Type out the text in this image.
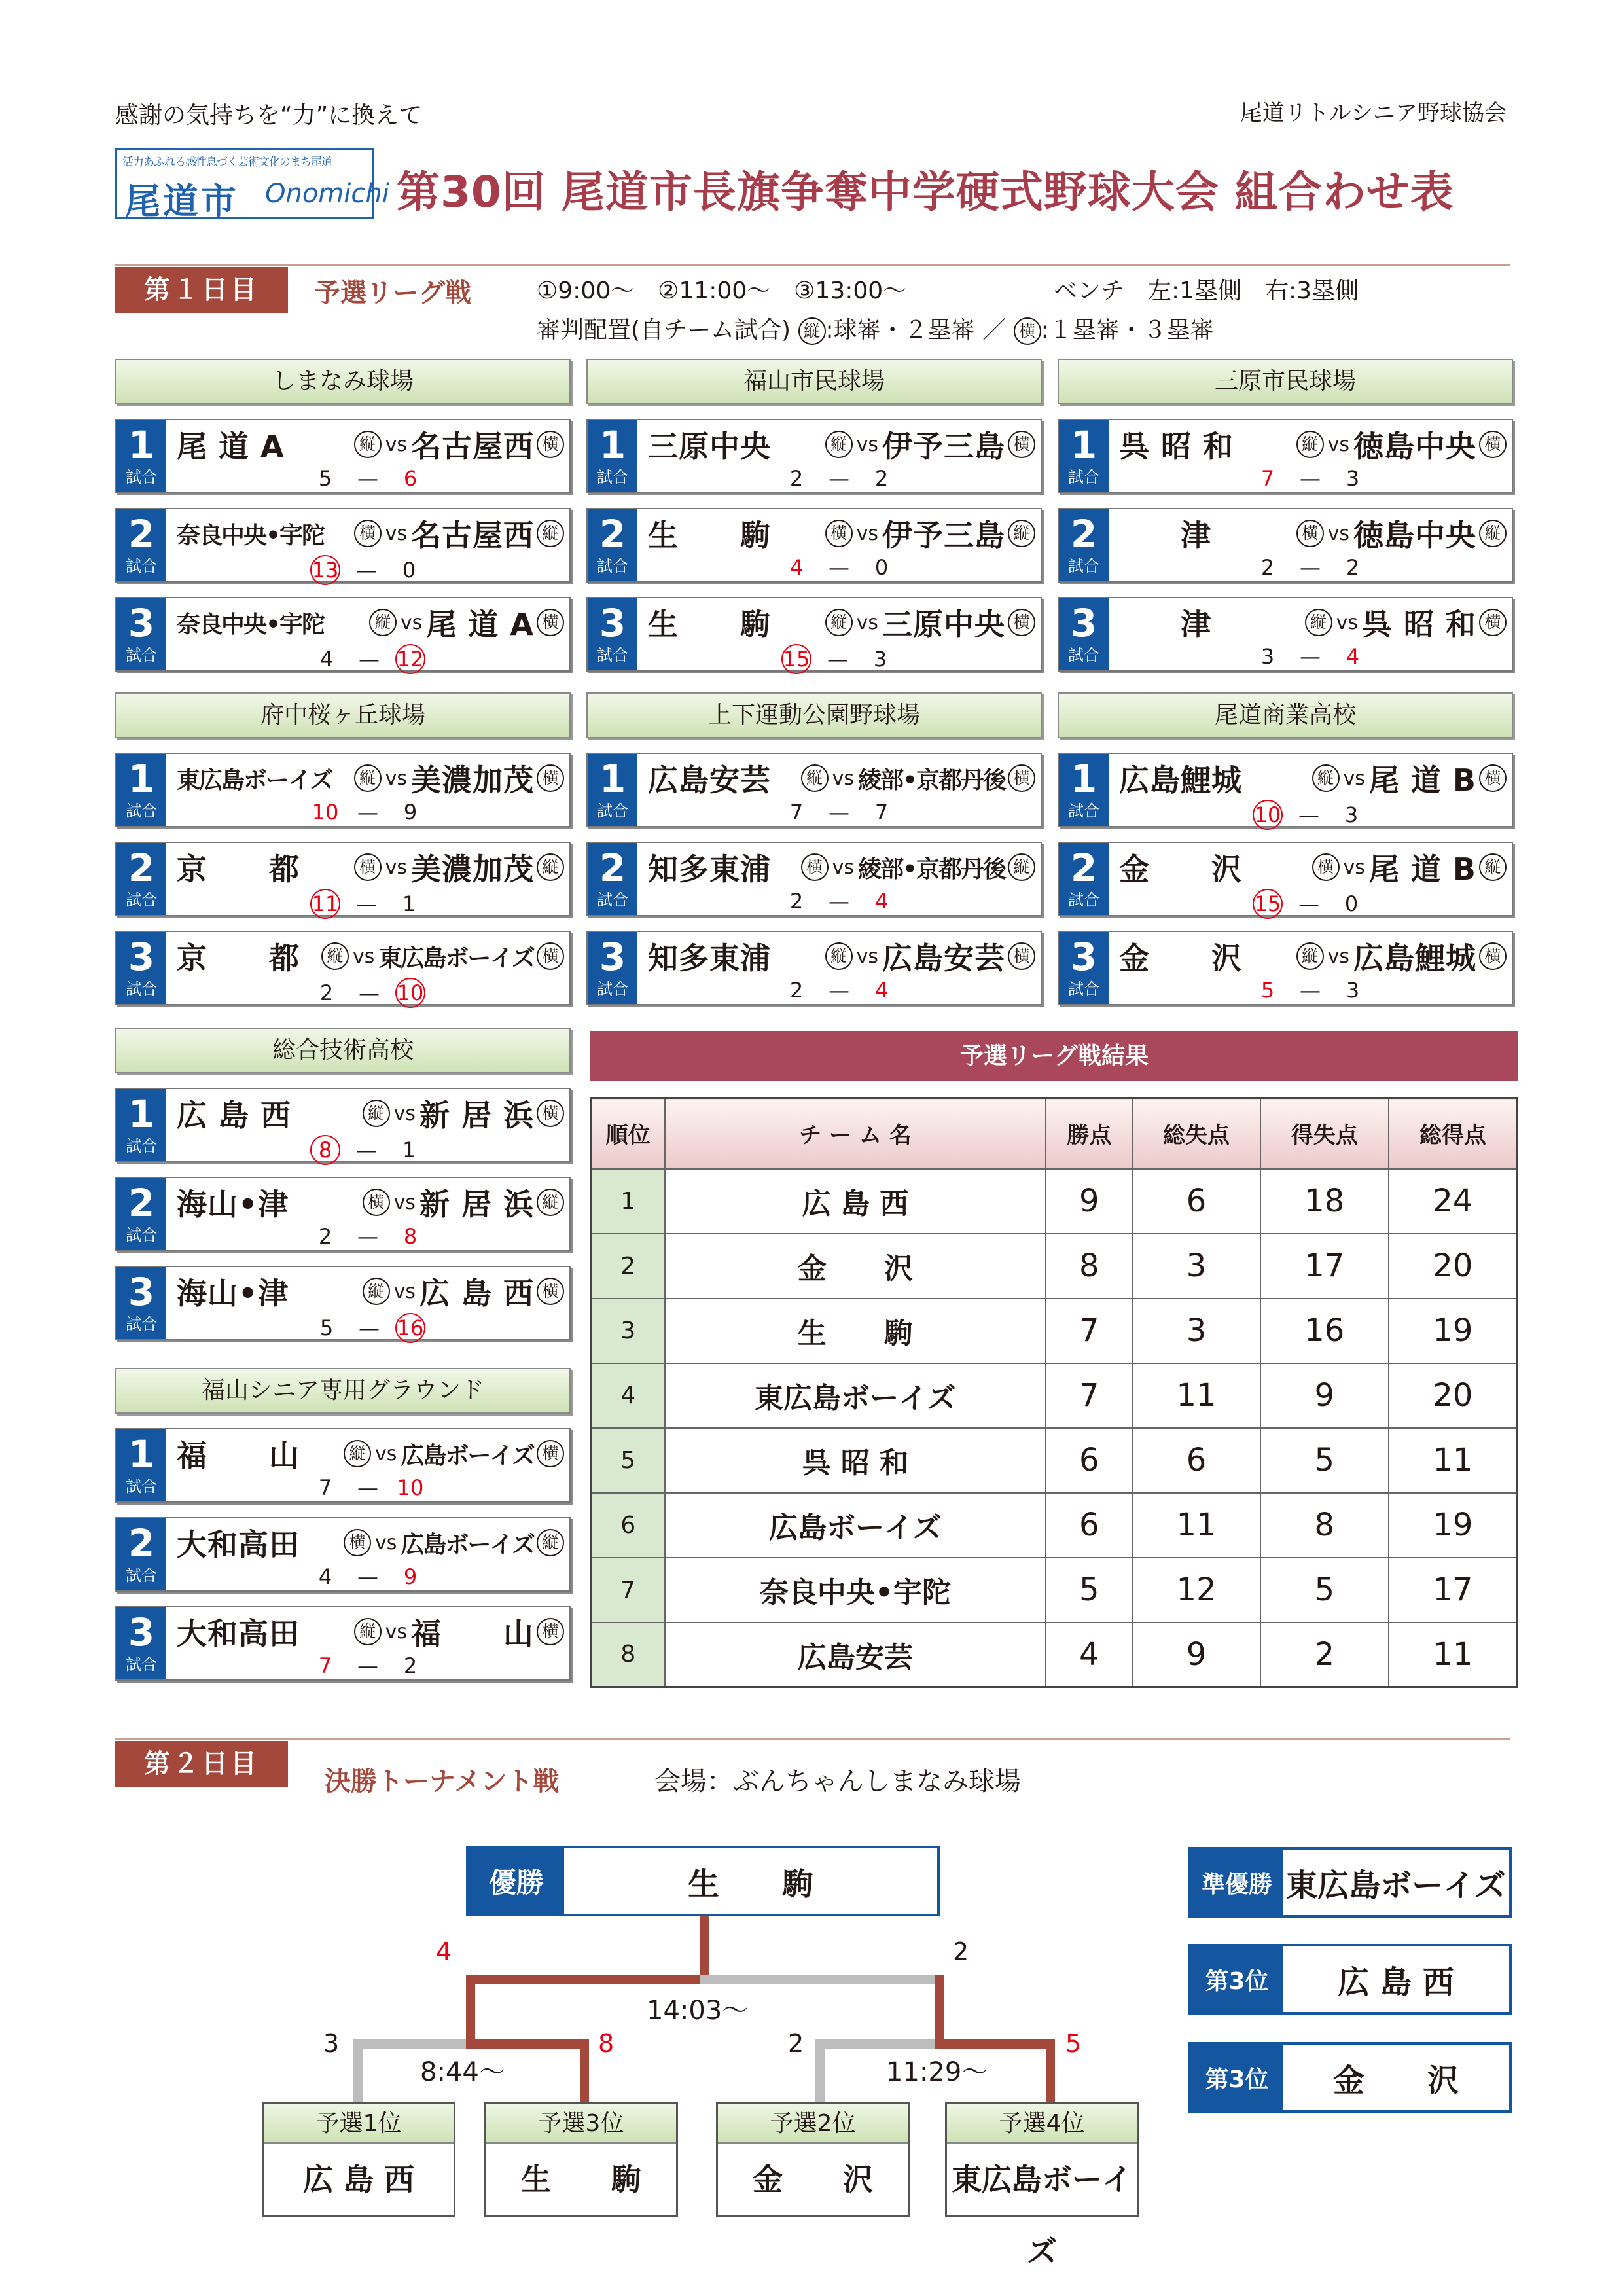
感謝の気持ちを“力”に換えて	尾道リトルシニア野球協会
活力あふれる感性息づく芸術文化のまち尾道
尾道市 Onomichi 第30回 尾道市長旗争奪中学硬式野球大会 組合わせ表
第１日目	予選リーグ戦	①9:00〜　②11:00〜　③13:00〜	ベンチ　左:1塁側　右:3塁側
審判配置(自チーム試合) 縦 :球審・２塁審 ／ 横 :１塁審・３塁審
しまなみ球場
1
試合
尾 道 A	縦 vs 名古屋西 横
5 — 6
2
試合
奈良中央•宇陀	横 vs 名古屋西 縦
13 — 0
3
試合
奈良中央•宇陀	縦 vs 尾 道 A 横
4 — 12
福山市民球場
1
試合
三原中央	縦 vs 伊予三島 横
2 — 2
2
試合
生　　駒	横 vs 伊予三島 縦
4 — 0
3
試合
生　　駒	縦 vs 三原中央 横
15 — 3
三原市民球場
1
試合
呉 昭 和	縦 vs 徳島中央 横
7 — 3
2
試合
　　津	横 vs 徳島中央 縦
2 — 2
3
試合
　　津	縦 vs 呉 昭 和 横
3 — 4
府中桜ヶ丘球場
1
試合
東広島ボーイズ	縦 vs 美濃加茂 横
10 — 9
2
試合
京　　都	横 vs 美濃加茂 縦
11 — 1
3
試合
京　　都	縦 vs 東広島ボーイズ 横
2 — 10
上下運動公園野球場
1
試合
広島安芸	縦 vs 綾部•京都丹後 横
7 — 7
2
試合
知多東浦	横 vs 綾部•京都丹後 縦
2 — 4
3
試合
知多東浦	縦 vs 広島安芸 横
2 — 4
尾道商業高校
1
試合
広島鯉城	縦 vs 尾 道 B 横
10 — 3
2
試合
金　　沢	横 vs 尾 道 B 縦
15 — 0
3
試合
金　　沢	縦 vs 広島鯉城 横
5 — 3
総合技術高校
1
試合
広 島 西	縦 vs 新 居 浜 横
8 — 1
2
試合
海山•津	横 vs 新 居 浜 縦
2 — 8
3
試合
海山•津	縦 vs 広 島 西 横
5 — 16
福山シニア専用グラウンド
1
試合
福　　山	縦 vs 広島ボーイズ 横
7 — 10
2
試合
大和高田	横 vs 広島ボーイズ 縦
4 — 9
3
試合
大和高田	縦 vs 福　　山 横
7 — 2
予選リーグ戦結果
順位	チ ー ム 名	勝点	総失点	得失点	総得点
1	広 島 西	9	6	18	24
2	金　　沢	8	3	17	20
3	生　　駒	7	3	16	19
4	東広島ボーイズ	7	11	9	20
5	呉 昭 和	6	6	5	11
6	広島ボーイズ	6	11	8	19
7	奈良中央•宇陀	5	12	5	17
8	広島安芸	4	9	2	11
第２日目
決勝トーナメント戦	会場：ぶんちゃんしまなみ球場
優勝	生　　駒
4	2
14:03〜
3	8
8:44〜
2	5
11:29〜
予選1位
広 島 西
予選3位
生　　駒
予選2位
金　　沢
予選4位
東広島ボーイズ
準優勝 東広島ボーイズ
第3位	広 島 西
第3位	金　　沢
